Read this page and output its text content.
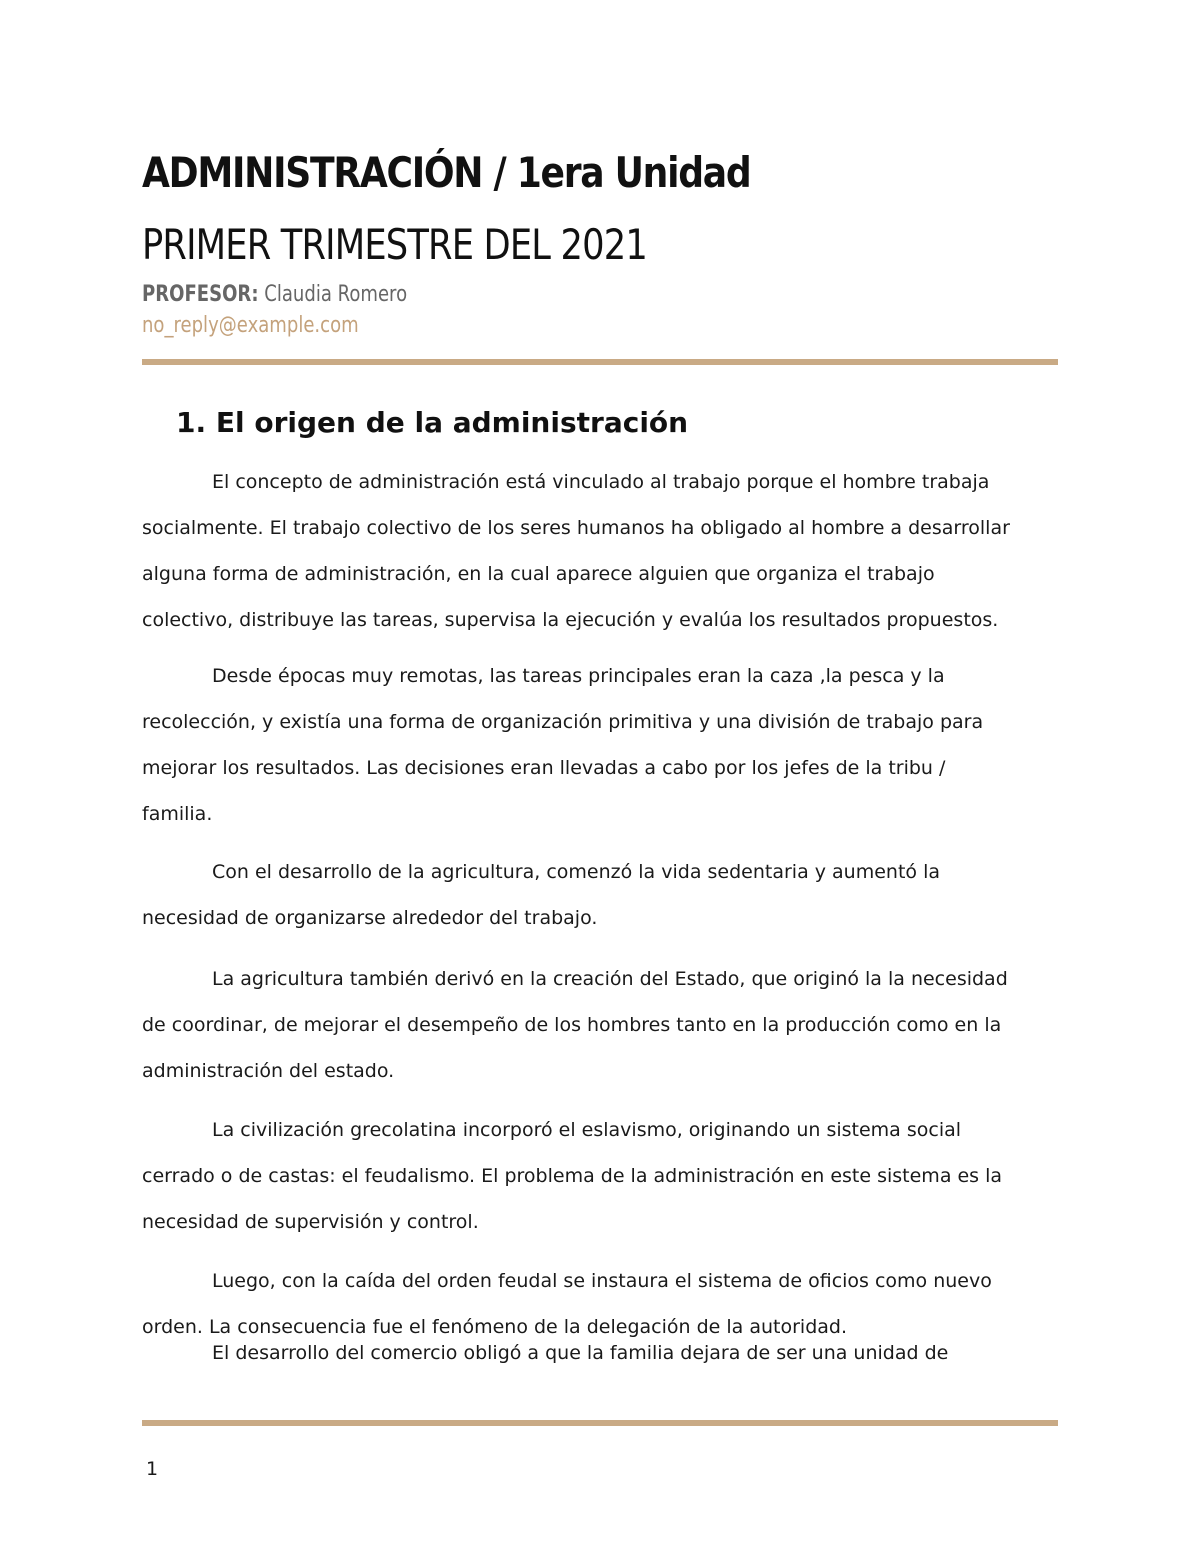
ADMINISTRACIÓN / 1era Unidad
PRIMER TRIMESTRE DEL 2021
PROFESOR: Claudia Romero
no_reply@example.com
1. El origen de la administración
El concepto de administración está vinculado al trabajo porque el hombre trabaja
socialmente. El trabajo colectivo de los seres humanos ha obligado al hombre a desarrollar
alguna forma de administración, en la cual aparece alguien que organiza el trabajo
colectivo, distribuye las tareas, supervisa la ejecución y evalúa los resultados propuestos.
Desde épocas muy remotas, las tareas principales eran la caza ,la pesca y la
recolección, y existía una forma de organización primitiva y una división de trabajo para
mejorar los resultados. Las decisiones eran llevadas a cabo por los jefes de la tribu /
familia.
Con el desarrollo de la agricultura, comenzó la vida sedentaria y aumentó la
necesidad de organizarse alrededor del trabajo.
La agricultura también derivó en la creación del Estado, que originó la la necesidad
de coordinar, de mejorar el desempeño de los hombres tanto en la producción como en la
administración del estado.
La civilización grecolatina incorporó el eslavismo, originando un sistema social
cerrado o de castas: el feudalismo. El problema de la administración en este sistema es la
necesidad de supervisión y control.
Luego, con la caída del orden feudal se instaura el sistema de oficios como nuevo
orden. La consecuencia fue el fenómeno de la delegación de la autoridad.
El desarrollo del comercio obligó a que la familia dejara de ser una unidad de
1
